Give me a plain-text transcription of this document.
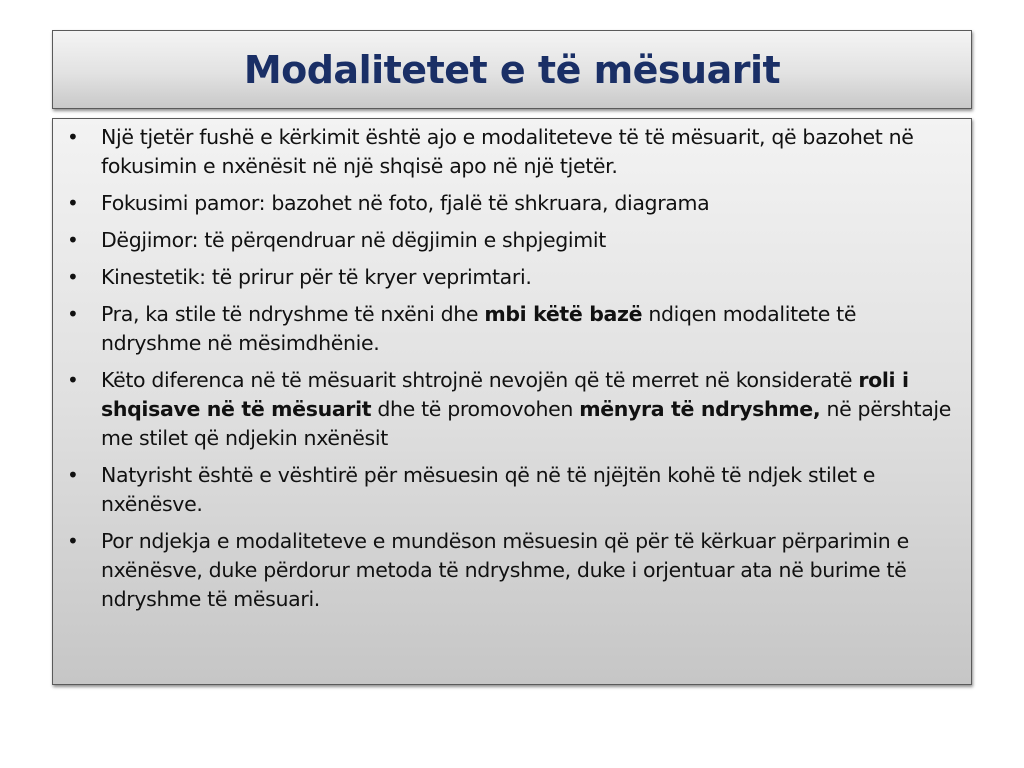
Modalitetet e të mësuarit
• Një tjetër fushë e kërkimit është ajo e modaliteteve të të mësuarit, që bazohet në fokusimin e nxënësit në një shqisë apo në një tjetër.
• Fokusimi pamor: bazohet në foto, fjalë të shkruara, diagrama
• Dëgjimor: të përqendruar në dëgjimin e shpjegimit
• Kinestetik: të prirur për të kryer veprimtari.
• Pra, ka stile të ndryshme të nxëni dhe mbi këtë bazë ndiqen modalitete të ndryshme në mësimdhënie.
• Këto diferenca në të mësuarit shtrojnë nevojën që të merret në konsideratë roli i shqisave në të mësuarit dhe të promovohen mënyra të ndryshme, në përshtaje me stilet që ndjekin nxënësit
• Natyrisht është e vështirë për mësuesin që në të njëjtën kohë të ndjek stilet e nxënësve.
• Por ndjekja e modaliteteve e mundëson mësuesin që për të kërkuar përparimin e nxënësve, duke përdorur metoda të ndryshme, duke i orjentuar ata në burime të ndryshme të mësuari.
